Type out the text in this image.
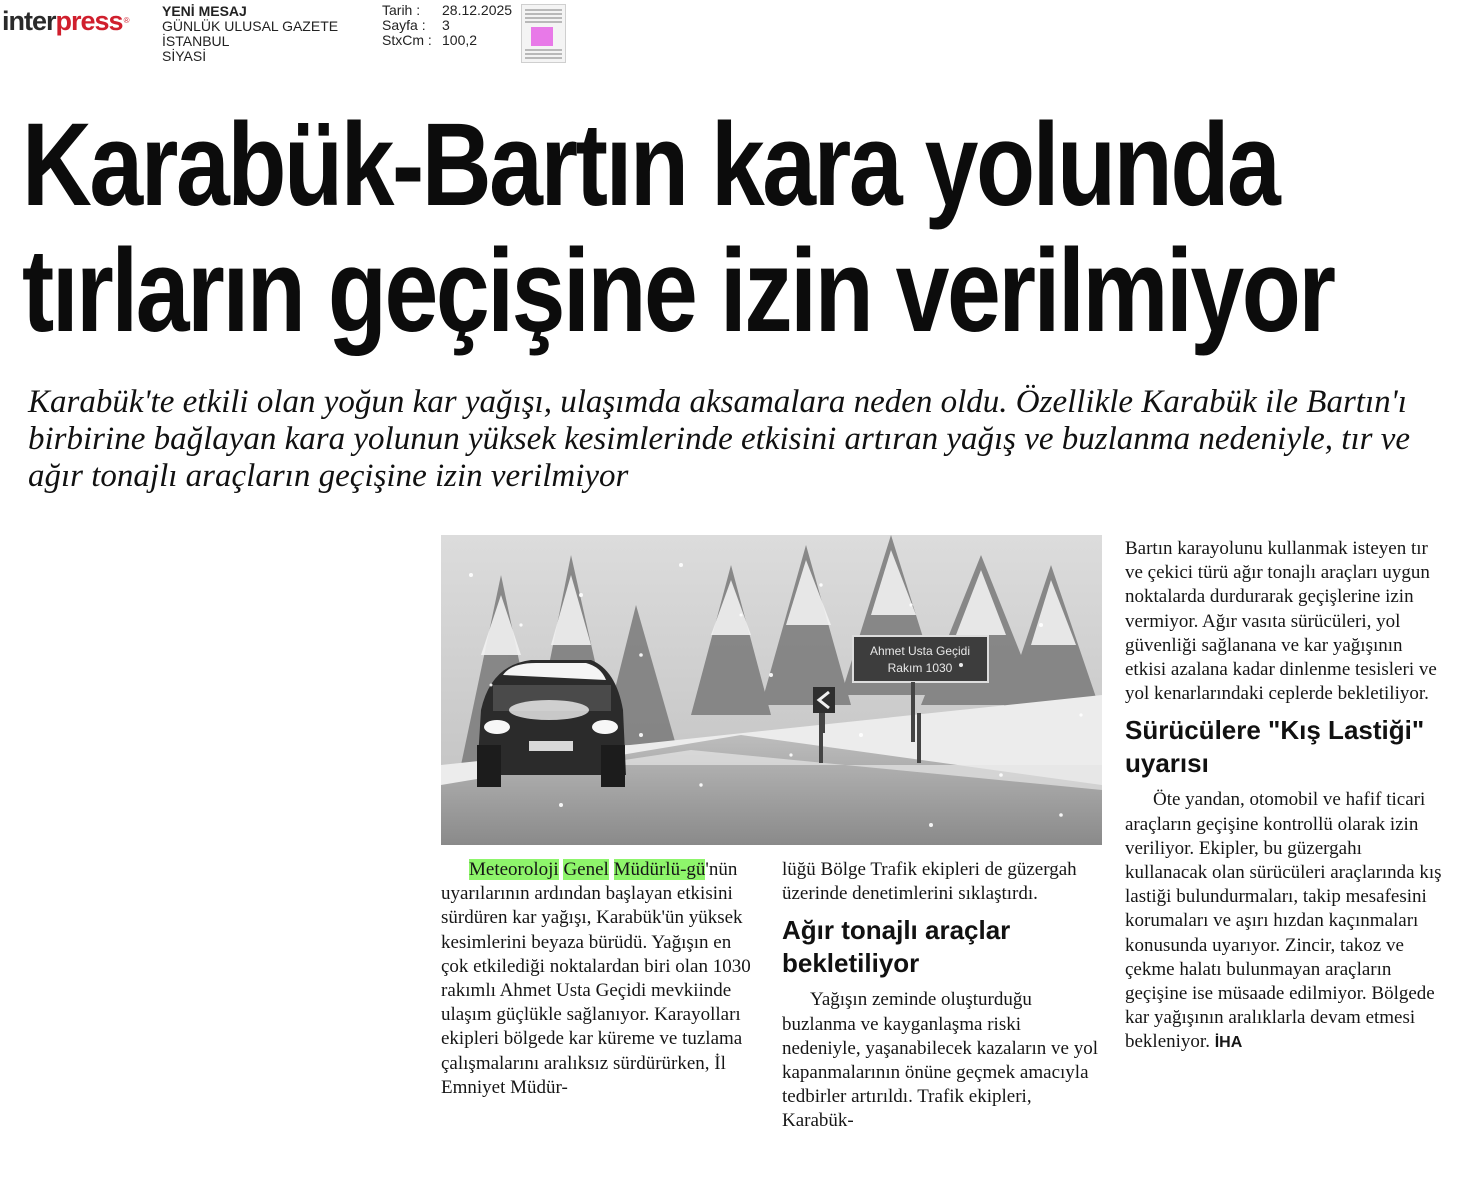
interpress®
YENİ MESAJ
GÜNLÜK ULUSAL GAZETE
İSTANBUL
SİYASİ
Tarih :	28.12.2025
Sayfa :	3
StxCm : 100,2
Karabük-Bartın kara yolunda
tırların geçişine izin verilmiyor

Karabük'te etkili olan yoğun kar yağışı, ulaşımda aksamalara neden oldu. Özellikle Karabük ile Bartın'ı birbirine bağlayan kara yolunun yüksek kesimlerinde etkisini artıran yağış ve buzlanma nedeniyle, tır ve ağır tonajlı araçların geçişine izin verilmiyor

Ahmet Usta Geçidi
Rakım 1030

Meteoroloji Genel Müdürlü-gü'nün uyarılarının ardından başlayan etkisini sürdüren kar yağışı, Karabük'ün yüksek kesimlerini beyaza bürüdü. Yağışın en çok etkilediği noktalardan biri olan 1030 rakımlı Ahmet Usta Geçidi mevkiinde ulaşım güçlükle sağlanıyor. Karayolları ekipleri bölgede kar küreme ve tuzlama çalışmalarını aralıksız sürdürürken, İl Emniyet Müdür-

lüğü Bölge Trafik ekipleri de güzergah üzerinde denetimlerini sıklaştırdı.

Ağır tonajlı araçlar bekletiliyor

Yağışın zeminde oluşturduğu buzlanma ve kayganlaşma riski nedeniyle, yaşanabilecek kazaların ve yol kapanmalarının önüne geçmek amacıyla tedbirler artırıldı. Trafik ekipleri, Karabük-

Bartın karayolunu kullanmak isteyen tır ve çekici türü ağır tonajlı araçları uygun noktalarda durdurarak geçişlerine izin vermiyor. Ağır vasıta sürücüleri, yol güvenliği sağlanana ve kar yağışının etkisi azalana kadar dinlenme tesisleri ve yol kenarlarındaki ceplerde bekletiliyor.

Sürücülere "Kış Lastiği" uyarısı

Öte yandan, otomobil ve hafif ticari araçların geçişine kontrollü olarak izin veriliyor. Ekipler, bu güzergahı kullanacak olan sürücüleri araçlarında kış lastiği bulundurmaları, takip mesafesini korumaları ve aşırı hızdan kaçınmaları konusunda uyarıyor. Zincir, takoz ve çekme halatı bulunmayan araçların geçişine ise müsaade edilmiyor. Bölgede kar yağışının aralıklarla devam etmesi bekleniyor. İHA
